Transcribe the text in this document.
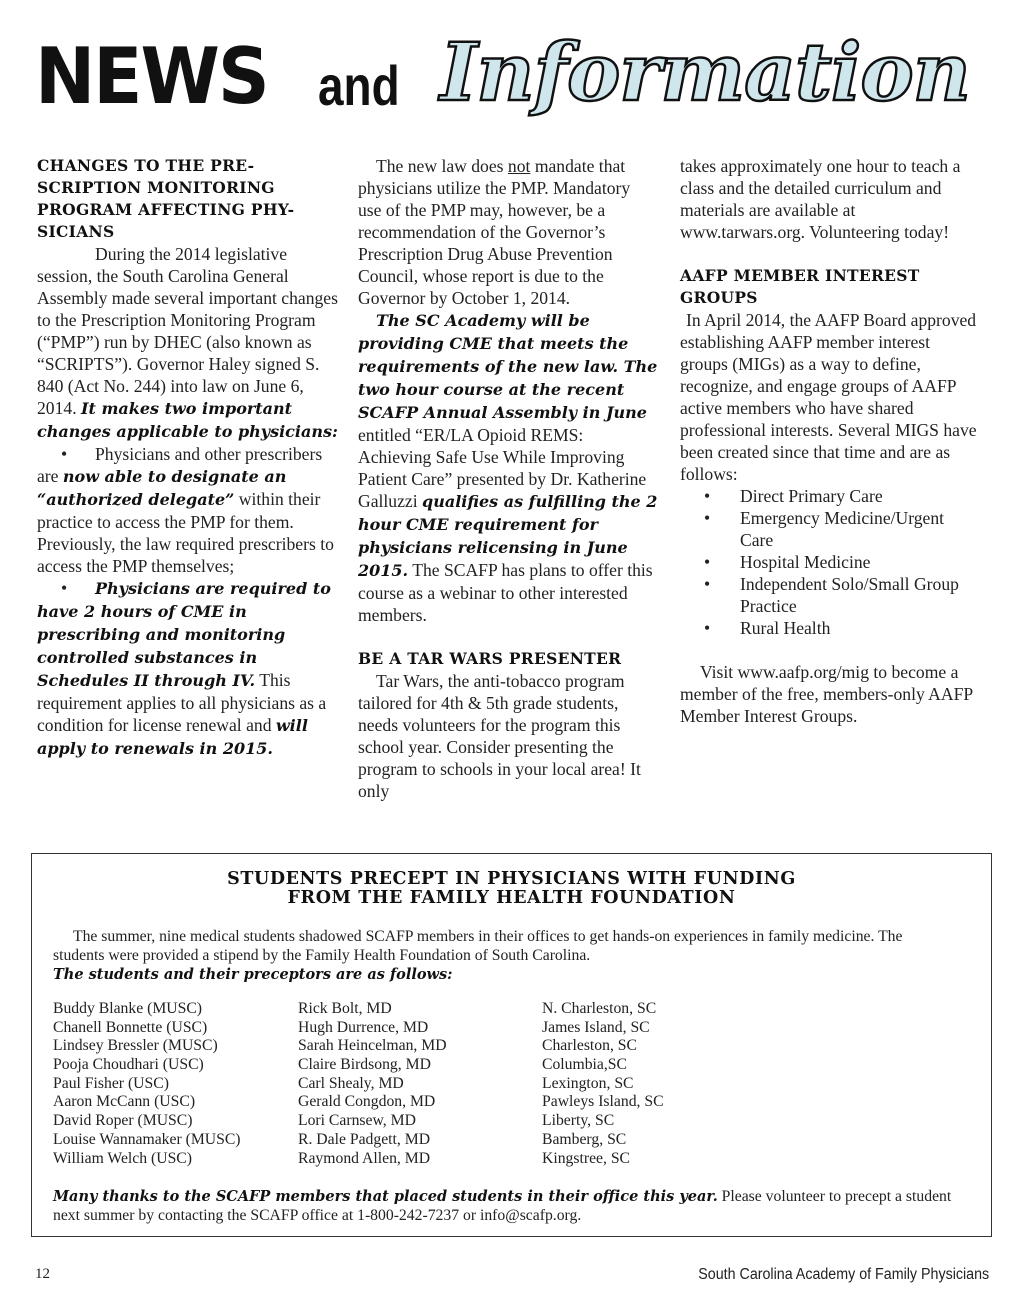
NEWS and Information

CHANGES TO THE PRE-SCRIPTION MONITORING PROGRAM AFFECTING PHY-SICIANS

During the 2014 legislative session, the South Carolina General Assembly made several important changes to the Prescription Monitoring Program (“PMP”) run by DHEC (also known as “SCRIPTS”). Governor Haley signed S. 840 (Act No. 244) into law on June 6, 2014. It makes two important changes applicable to physicians:

• Physicians and other prescribers are now able to designate an “authorized delegate” within their practice to access the PMP for them. Previously, the law required prescribers to access the PMP themselves;

• Physicians are required to have 2 hours of CME in prescribing and monitoring controlled substances in Schedules II through IV. This requirement applies to all physicians as a condition for license renewal and will apply to renewals in 2015.

The new law does not mandate that physicians utilize the PMP. Mandatory use of the PMP may, however, be a recommendation of the Governor’s Prescription Drug Abuse Prevention Council, whose report is due to the Governor by October 1, 2014.

The SC Academy will be providing CME that meets the requirements of the new law. The two hour course at the recent SCAFP Annual Assembly in June entitled “ER/LA Opioid REMS: Achieving Safe Use While Improving Patient Care” presented by Dr. Katherine Galluzzi qualifies as fulfilling the 2 hour CME requirement for physicians relicensing in June 2015. The SCAFP has plans to offer this course as a webinar to other interested members.

BE A TAR WARS PRESENTER

Tar Wars, the anti-tobacco program tailored for 4th & 5th grade students, needs volunteers for the program this school year. Consider presenting the program to schools in your local area! It only

takes approximately one hour to teach a class and the detailed curriculum and materials are available at www.tarwars.org. Volunteering today!

AAFP MEMBER INTEREST GROUPS

In April 2014, the AAFP Board approved establishing AAFP member interest groups (MIGs) as a way to define, recognize, and engage groups of AAFP active members who have shared professional interests. Several MIGS have been created since that time and are as follows:

• Direct Primary Care
• Emergency Medicine/Urgent Care
• Hospital Medicine
• Independent Solo/Small Group Practice
• Rural Health

Visit www.aafp.org/mig to become a member of the free, members-only AAFP Member Interest Groups.

STUDENTS PRECEPT IN PHYSICIANS WITH FUNDING
FROM THE FAMILY HEALTH FOUNDATION
The summer, nine medical students shadowed SCAFP members in their offices to get hands-on experiences in family medicine. The students were provided a stipend by the Family Health Foundation of South Carolina.
The students and their preceptors are as follows:
Buddy Blanke (MUSC)
Chanell Bonnette (USC)
Lindsey Bressler (MUSC)
Pooja Choudhari (USC)
Paul Fisher (USC)
Aaron McCann (USC)
David Roper (MUSC)
Louise Wannamaker (MUSC)
William Welch (USC)
Rick Bolt, MD
Hugh Durrence, MD
Sarah Heincelman, MD
Claire Birdsong, MD
Carl Shealy, MD
Gerald Congdon, MD
Lori Carnsew, MD
R. Dale Padgett, MD
Raymond Allen, MD
N. Charleston, SC
James Island, SC
Charleston, SC
Columbia,SC
Lexington, SC
Pawleys Island, SC
Liberty, SC
Bamberg, SC
Kingstree, SC
Many thanks to the SCAFP members that placed students in their office this year. Please volunteer to precept a student next summer by contacting the SCAFP office at 1-800-242-7237 or info@scafp.org.
12	South Carolina Academy of Family Physicians
